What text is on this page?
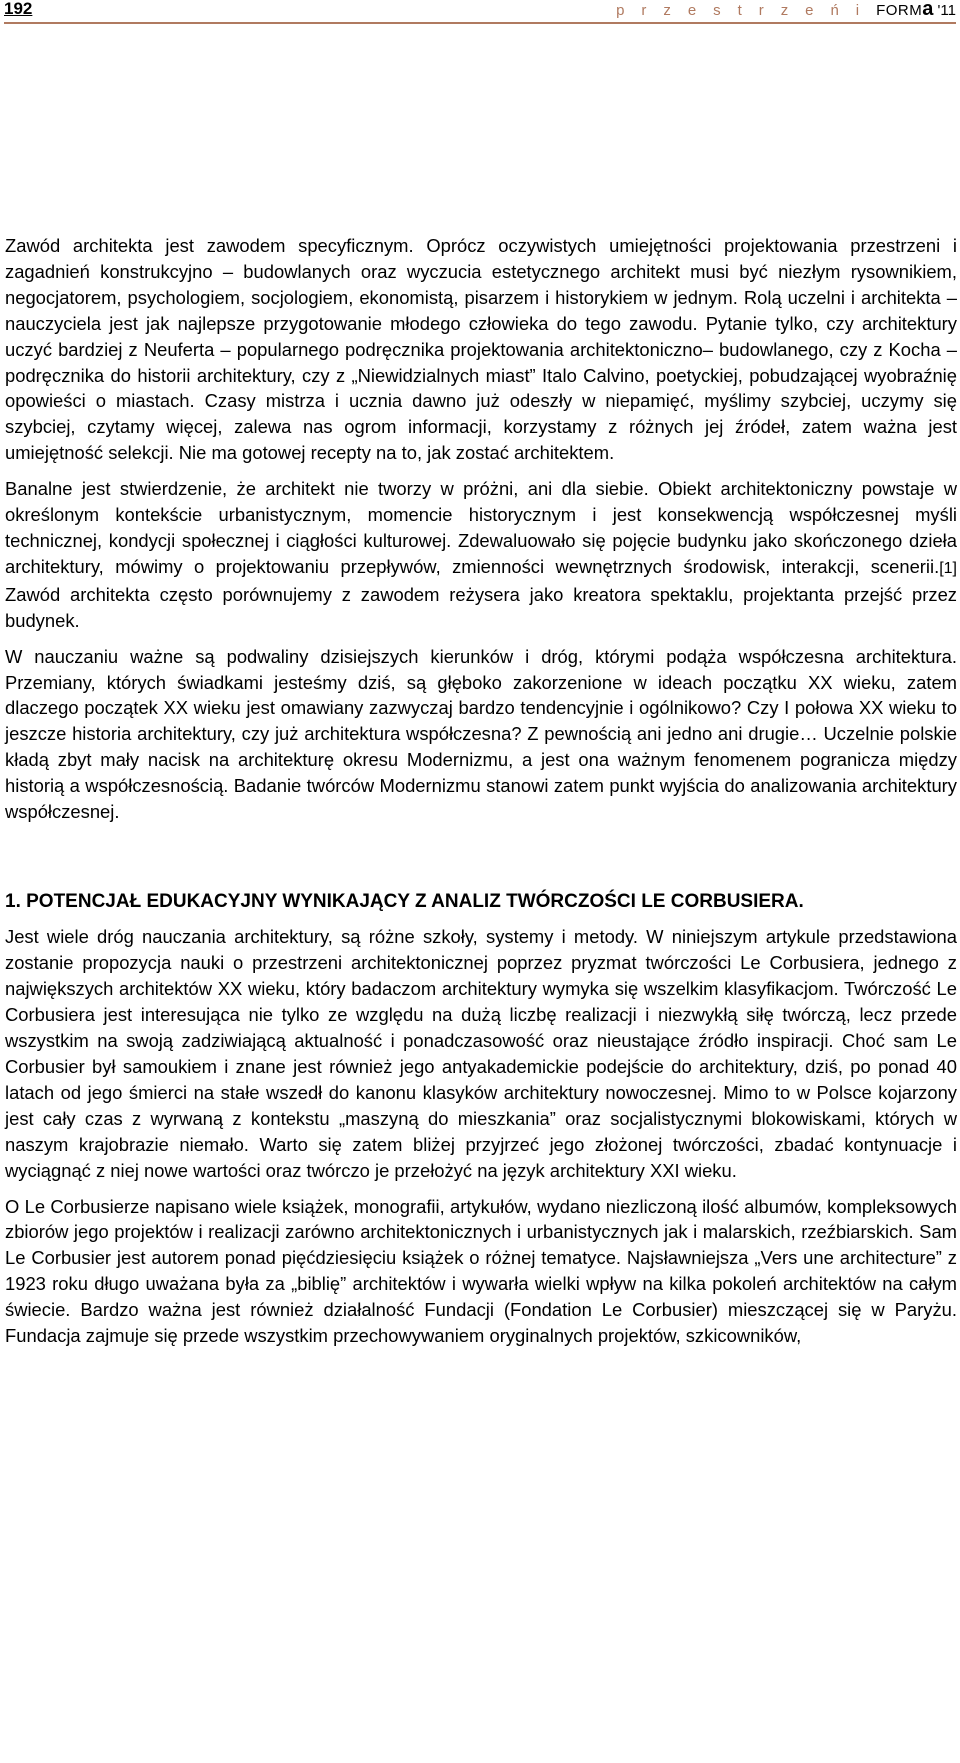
192	p r z e s t r z e ń i FORMa '11

Zawód architekta jest zawodem specyficznym. Oprócz oczywistych umiejętności projektowania przestrzeni i zagadnień konstrukcyjno – budowlanych oraz wyczucia estetycznego architekt musi być niezłym rysownikiem, negocjatorem, psychologiem, socjologiem, ekonomistą, pisarzem i historykiem w jednym. Rolą uczelni i architekta – nauczyciela jest jak najlepsze przygotowanie młodego człowieka do tego zawodu. Pytanie tylko, czy architektury uczyć bardziej z Neuferta – popularnego podręcznika projektowania architektoniczno– budowlanego, czy z Kocha – podręcznika do historii architektury, czy z „Niewidzialnych miast” Italo Calvino, poetyckiej, pobudzającej wyobraźnię opowieści o miastach. Czasy mistrza i ucznia dawno już odeszły w niepamięć, myślimy szybciej, uczymy się szybciej, czytamy więcej, zalewa nas ogrom informacji, korzystamy z różnych jej źródeł, zatem ważna jest umiejętność selekcji. Nie ma gotowej recepty na to, jak zostać architektem.

Banalne jest stwierdzenie, że architekt nie tworzy w próżni, ani dla siebie. Obiekt architektoniczny powstaje w określonym kontekście urbanistycznym, momencie historycznym i jest konsekwencją współczesnej myśli technicznej, kondycji społecznej i ciągłości kulturowej. Zdewaluowało się pojęcie budynku jako skończonego dzieła architektury, mówimy o projektowaniu przepływów, zmienności wewnętrznych środowisk, interakcji, scenerii.[1] Zawód architekta często porównujemy z zawodem reżysera jako kreatora spektaklu, projektanta przejść przez budynek.

W nauczaniu ważne są podwaliny dzisiejszych kierunków i dróg, którymi podąża współczesna architektura. Przemiany, których świadkami jesteśmy dziś, są głęboko zakorzenione w ideach początku XX wieku, zatem dlaczego początek XX wieku jest omawiany zazwyczaj bardzo tendencyjnie i ogólnikowo? Czy I połowa XX wieku to jeszcze historia architektury, czy już architektura współczesna? Z pewnością ani jedno ani drugie… Uczelnie polskie kładą zbyt mały nacisk na architekturę okresu Modernizmu, a jest ona ważnym fenomenem pogranicza między historią a współczesnością. Badanie twórców Modernizmu stanowi zatem punkt wyjścia do analizowania architektury współczesnej.

1. POTENCJAŁ EDUKACYJNY WYNIKAJĄCY Z ANALIZ TWÓRCZOŚCI LE CORBUSIERA.

Jest wiele dróg nauczania architektury, są różne szkoły, systemy i metody. W niniejszym artykule przedstawiona zostanie propozycja nauki o przestrzeni architektonicznej poprzez pryzmat twórczości Le Corbusiera, jednego z największych architektów XX wieku, który badaczom architektury wymyka się wszelkim klasyfikacjom. Twórczość Le Corbusiera jest interesująca nie tylko ze względu na dużą liczbę realizacji i niezwykłą siłę twórczą, lecz przede wszystkim na swoją zadziwiającą aktualność i ponadczasowość oraz nieustające źródło inspiracji. Choć sam Le Corbusier był samoukiem i znane jest również jego antyakademickie podejście do architektury, dziś, po ponad 40 latach od jego śmierci na stałe wszedł do kanonu klasyków architektury nowoczesnej. Mimo to w Polsce kojarzony jest cały czas z wyrwaną z kontekstu „maszyną do mieszkania” oraz socjalistycznymi blokowiskami, których w naszym krajobrazie niemało. Warto się zatem bliżej przyjrzeć jego złożonej twórczości, zbadać kontynuacje i wyciągnąć z niej nowe wartości oraz twórczo je przełożyć na język architektury XXI wieku.

O Le Corbusierze napisano wiele książek, monografii, artykułów, wydano niezliczoną ilość albumów, kompleksowych zbiorów jego projektów i realizacji zarówno architektonicznych i urbanistycznych jak i malarskich, rzeźbiarskich. Sam Le Corbusier jest autorem ponad pięćdziesięciu książek o różnej tematyce. Najsławniejsza „Vers une architecture” z 1923 roku długo uważana była za „biblię” architektów i wywarła wielki wpływ na kilka pokoleń architektów na całym świecie. Bardzo ważna jest również działalność Fundacji (Fondation Le Corbusier) mieszczącej się w Paryżu. Fundacja zajmuje się przede wszystkim przechowywaniem oryginalnych projektów, szkicowników,
